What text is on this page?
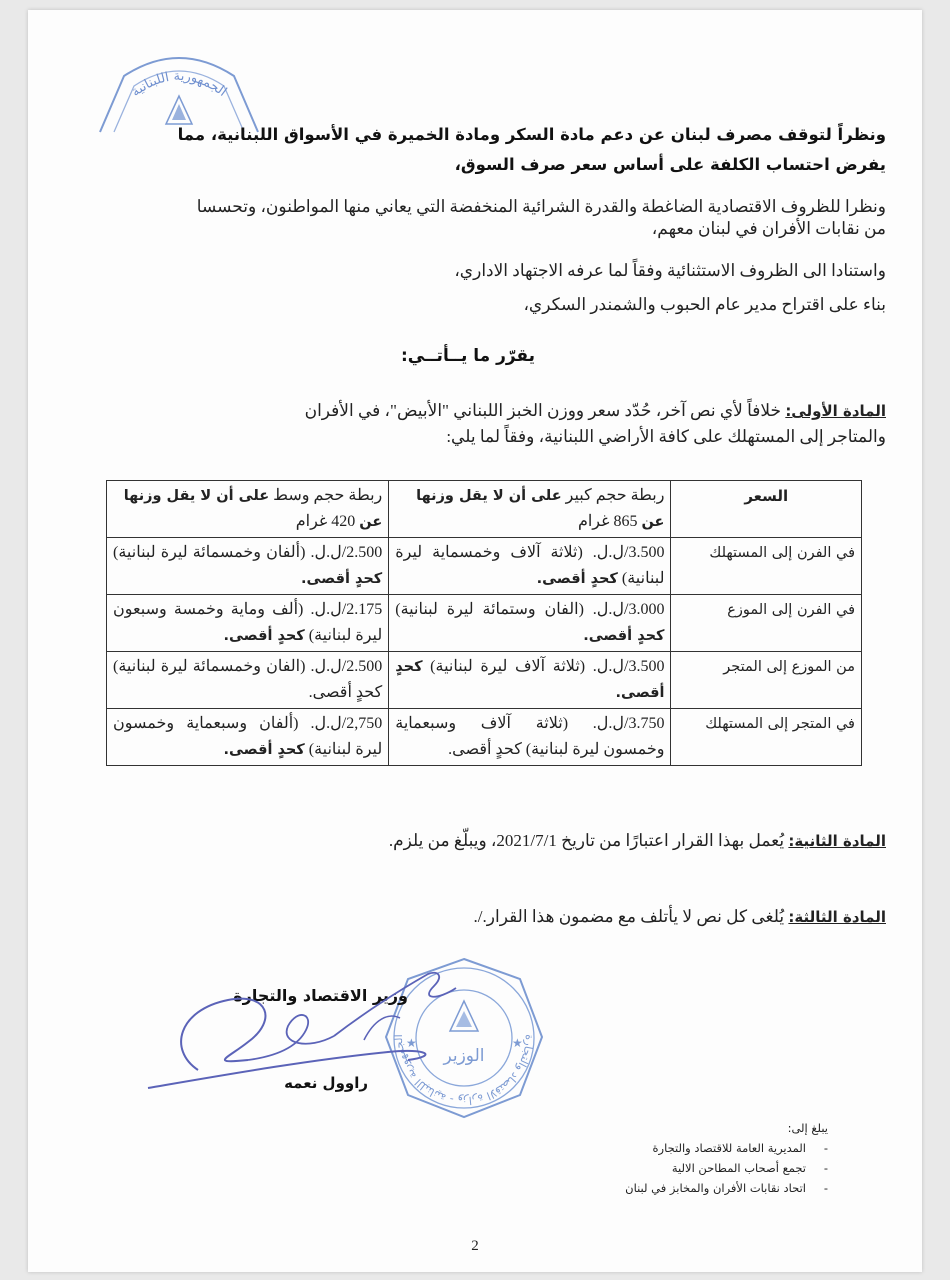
الجمهورية اللبنانية
ونظراً لتوقف مصرف لبنان عن دعم مادة السكر ومادة الخميرة في الأسواق اللبنانية، مما
يفرض احتساب الكلفة على أساس سعر صرف السوق،
ونظرا للظروف الاقتصادية الضاغطة والقدرة الشرائية المنخفضة التي يعاني منها المواطنون، وتحسسا
من نقابات الأفران في لبنان معهم،
واستنادا الى الظروف الاستثنائية وفقاً لما عرفه الاجتهاد الاداري،
بناء على اقتراح مدير عام الحبوب والشمندر السكري،
يقرّر ما يــأتــي:
المادة الأولى: خلافاً لأي نص آخر، حُدّد سعر ووزن الخبز اللبناني "الأبيض"، في الأفران
والمتاجر إلى المستهلك على كافة الأراضي اللبنانية، وفقاً لما يلي:
السعر	ربطة حجم كبير على أن لا يقل وزنها عن 865 غرام	ربطة حجم وسط على أن لا يقل وزنها عن 420 غرام
في الفرن إلى المستهلك	3.500/ل.ل. (ثلاثة آلاف وخمسماية ليرة لبنانية) كحدٍ أقصى.	2.500/ل.ل. (ألفان وخمسمائة ليرة لبنانية) كحدٍ أقصى.
في الفرن إلى الموزع	3.000/ل.ل. (الفان وستمائة ليرة لبنانية) كحدٍ أقصى.	2.175/ل.ل. (ألف وماية وخمسة وسبعون ليرة لبنانية) كحدٍ أقصى.
من الموزع إلى المتجر	3.500/ل.ل. (ثلاثة آلاف ليرة لبنانية) كحدٍ أقصى.	2.500/ل.ل. (الفان وخمسمائة ليرة لبنانية) كحدٍ أقصى.
في المتجر إلى المستهلك	3.750/ل.ل. (ثلاثة آلاف وسبعماية وخمسون ليرة لبنانية) كحدٍ أقصى.	2,750/ل.ل. (ألفان وسبعماية وخمسون ليرة لبنانية) كحدٍ أقصى.
المادة الثانية: يُعمل بهذا القرار اعتبارًا من تاريخ 2021/7/1، ويبلّغ من يلزم.
المادة الثالثة: يُلغى كل نص لا يأتلف مع مضمون هذا القرار./.
الجمهورية اللبنانية - وزارة الاقتصاد والتجارة
الوزير
★	★
وزير الاقتصاد والتجارة
راوول نعمه
يبلغ إلى:
-
المديرية العامة للاقتصاد والتجارة
-
تجمع أصحاب المطاحن الالية
-
اتحاد نقابات الأفران والمخابز في لبنان
2
